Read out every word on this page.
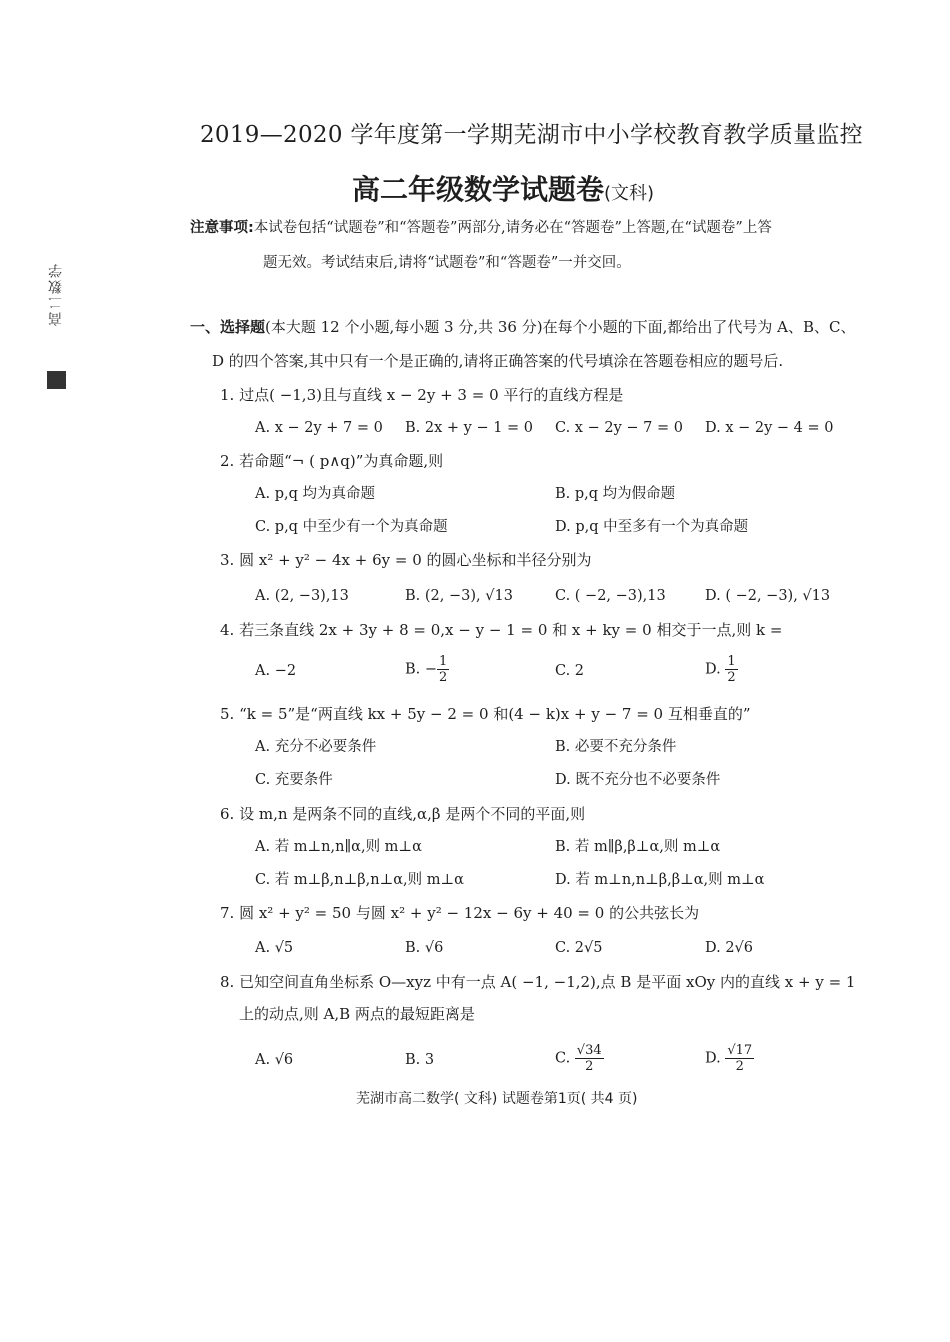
高二数学
2019—2020 学年度第一学期芜湖市中小学校教育教学质量监控
高二年级数学试题卷(文科)
注意事项:本试卷包括“试题卷”和“答题卷”两部分,请务必在“答题卷”上答题,在“试题卷”上答
题无效。考试结束后,请将“试题卷”和“答题卷”一并交回。
一、选择题(本大题 12 个小题,每小题 3 分,共 36 分)在每个小题的下面,都给出了代号为 A、B、C、
D 的四个答案,其中只有一个是正确的,请将正确答案的代号填涂在答题卷相应的题号后.
1. 过点( −1,3)且与直线 x − 2y + 3 = 0 平行的直线方程是
A. x − 2y + 7 = 0 B. 2x + y − 1 = 0 C. x − 2y − 7 = 0 D. x − 2y − 4 = 0
2. 若命题“¬ ( p∧q)”为真命题,则
A. p,q 均为真命题	B. p,q 均为假命题
C. p,q 中至少有一个为真命题	D. p,q 中至多有一个为真命题
3. 圆 x² + y² − 4x + 6y = 0 的圆心坐标和半径分别为
A. (2, −3),13	B. (2, −3), √13	C. ( −2, −3),13	D. ( −2, −3), √13
4. 若三条直线 2x + 3y + 8 = 0,x − y − 1 = 0 和 x + ky = 0 相交于一点,则 k =
A. −2	B. − $\frac{1}{2}$	C. 2	D. $\frac{1}{2}$
5. “k = 5”是“两直线 kx + 5y − 2 = 0 和(4 − k)x + y − 7 = 0 互相垂直的”
A. 充分不必要条件	B. 必要不充分条件
C. 充要条件	D. 既不充分也不必要条件
6. 设 m,n 是两条不同的直线,α,β 是两个不同的平面,则
A. 若 m⊥n,n∥α,则 m⊥α	B. 若 m∥β,β⊥α,则 m⊥α
C. 若 m⊥β,n⊥β,n⊥α,则 m⊥α	D. 若 m⊥n,n⊥β,β⊥α,则 m⊥α
7. 圆 x² + y² = 50 与圆 x² + y² − 12x − 6y + 40 = 0 的公共弦长为
A. √5	B. √6	C. 2√5	D. 2√6
8. 已知空间直角坐标系 O—xyz 中有一点 A( −1, −1,2),点 B 是平面 xOy 内的直线 x + y = 1
上的动点,则 A,B 两点的最短距离是
A. √6	B. 3	C. $\frac{√34}{2}$	D. $\frac{√17}{2}$
芜湖市高二数学( 文科) 试题卷第1页( 共4 页)
